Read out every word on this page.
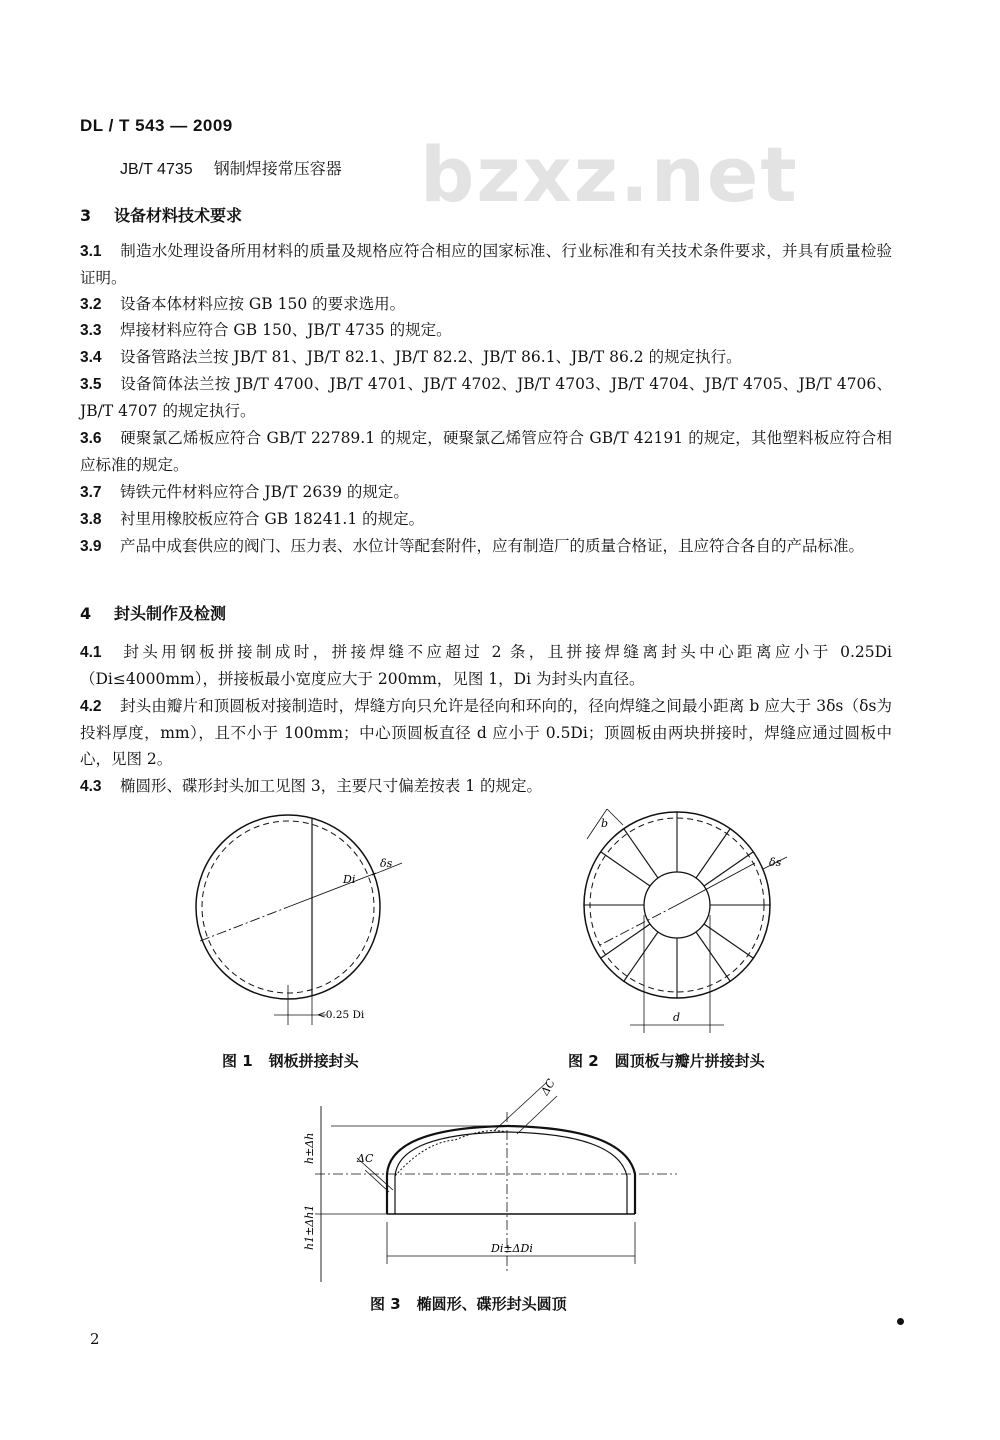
bzxz.net
DL / T 543 — 2009
JB/T 4735 钢制焊接常压容器
3 设备材料技术要求
3.1 制造水处理设备所用材料的质量及规格应符合相应的国家标准、行业标准和有关技术条件要求，并具有质量检验证明。
3.2 设备本体材料应按 GB 150 的要求选用。
3.3 焊接材料应符合 GB 150、JB/T 4735 的规定。
3.4 设备管路法兰按 JB/T 81、JB/T 82.1、JB/T 82.2、JB/T 86.1、JB/T 86.2 的规定执行。
3.5 设备简体法兰按 JB/T 4700、JB/T 4701、JB/T 4702、JB/T 4703、JB/T 4704、JB/T 4705、JB/T 4706、JB/T 4707 的规定执行。
3.6 硬聚氯乙烯板应符合 GB/T 22789.1 的规定，硬聚氯乙烯管应符合 GB/T 42191 的规定，其他塑料板应符合相应标准的规定。
3.7 铸铁元件材料应符合 JB/T 2639 的规定。
3.8 衬里用橡胶板应符合 GB 18241.1 的规定。
3.9 产品中成套供应的阀门、压力表、水位计等配套附件，应有制造厂的质量合格证，且应符合各自的产品标准。
4 封头制作及检测
4.1 封头用钢板拼接制成时，拼接焊缝不应超过 2 条，且拼接焊缝离封头中心距离应小于 0.25Di（Di≤4000mm），拼接板最小宽度应大于 200mm，见图 1，Di 为封头内直径。
4.2 封头由瓣片和顶圆板对接制造时，焊缝方向只允许是径向和环向的，径向焊缝之间最小距离 b 应大于 3δs（δs为投料厚度，mm），且不小于 100mm；中心顶圆板直径 d 应小于 0.5Di；顶圆板由两块拼接时，焊缝应通过圆板中心，见图 2。
4.3 椭圆形、碟形封头加工见图 3，主要尺寸偏差按表 1 的规定。
Di
δs
<0.25 Di
b
δs
d
图 1 钢板拼接封头	图 2 圆顶板与瓣片拼接封头
ΔC
ΔC
h±Δh
h1±Δh1	Di±ΔDi
图 3 椭圆形、碟形封头圆顶
2
